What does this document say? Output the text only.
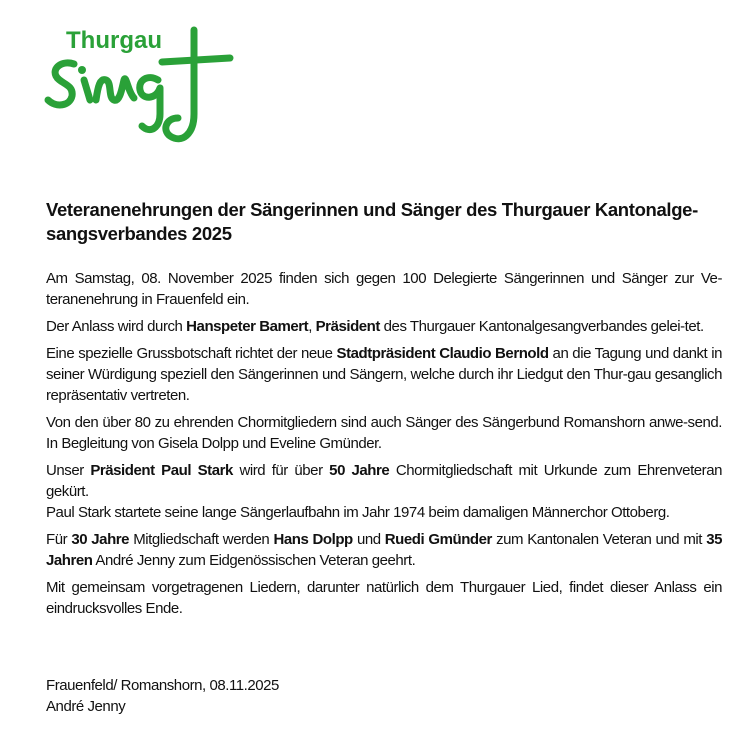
Thurgau
Veteranenehrungen der Sängerinnen und Sänger des Thurgauer Kantonalge-sangsverbandes 2025

Am Samstag, 08. November 2025 finden sich gegen 100 Delegierte Sängerinnen und Sänger zur Ve-teranenehrung in Frauenfeld ein.

Der Anlass wird durch Hanspeter Bamert, Präsident des Thurgauer Kantonalgesangverbandes gelei-tet.

Eine spezielle Grussbotschaft richtet der neue Stadtpräsident Claudio Bernold an die Tagung und dankt in seiner Würdigung speziell den Sängerinnen und Sängern, welche durch ihr Liedgut den Thur-gau gesanglich repräsentativ vertreten.

Von den über 80 zu ehrenden Chormitgliedern sind auch Sänger des Sängerbund Romanshorn anwe-send. In Begleitung von Gisela Dolpp und Eveline Gmünder.

Unser Präsident Paul Stark wird für über 50 Jahre Chormitgliedschaft mit Urkunde zum Ehrenveteran gekürt.
Paul Stark startete seine lange Sängerlaufbahn im Jahr 1974 beim damaligen Männerchor Ottoberg.

Für 30 Jahre Mitgliedschaft werden Hans Dolpp und Ruedi Gmünder zum Kantonalen Veteran und mit 35 Jahren André Jenny zum Eidgenössischen Veteran geehrt.

Mit gemeinsam vorgetragenen Liedern, darunter natürlich dem Thurgauer Lied, findet dieser Anlass ein eindrucksvolles Ende.

Frauenfeld/ Romanshorn, 08.11.2025
André Jenny
